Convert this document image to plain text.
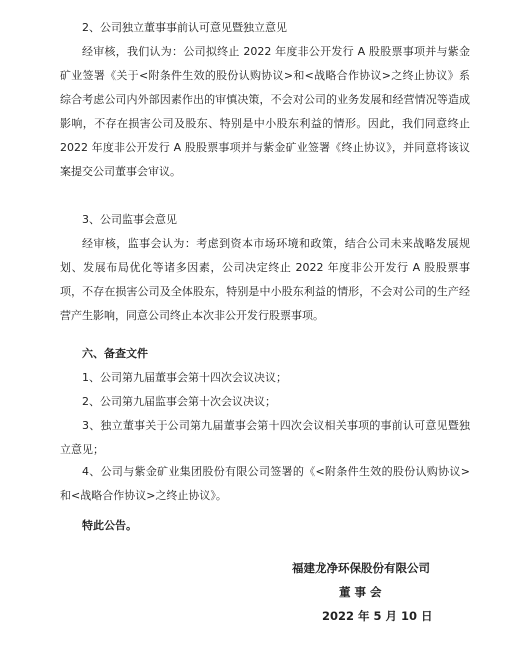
2、公司独立董事事前认可意见暨独立意见

经审核，我们认为：公司拟终止 2022 年度非公开发行 A 股股票事项并与紫金矿业签署《关于<附条件生效的股份认购协议>和<战略合作协议>之终止协议》系综合考虑公司内外部因素作出的审慎决策，不会对公司的业务发展和经营情况等造成影响，不存在损害公司及股东、特别是中小股东利益的情形。因此，我们同意终止 2022 年度非公开发行 A 股股票事项并与紫金矿业签署《终止协议》，并同意将该议案提交公司董事会审议。

3、公司监事会意见

经审核，监事会认为：考虑到资本市场环境和政策，结合公司未来战略发展规划、发展布局优化等诸多因素，公司决定终止 2022 年度非公开发行 A 股股票事项，不存在损害公司及全体股东，特别是中小股东利益的情形，不会对公司的生产经营产生影响，同意公司终止本次非公开发行股票事项。

六、备查文件

1、公司第九届董事会第十四次会议决议；

2、公司第九届监事会第十次会议决议；

3、独立董事关于公司第九届董事会第十四次会议相关事项的事前认可意见暨独立意见；

4、公司与紫金矿业集团股份有限公司签署的《<附条件生效的股份认购协议>和<战略合作协议>之终止协议》。

特此公告。

福建龙净环保股份有限公司
董 事 会
2022 年 5 月 10 日
